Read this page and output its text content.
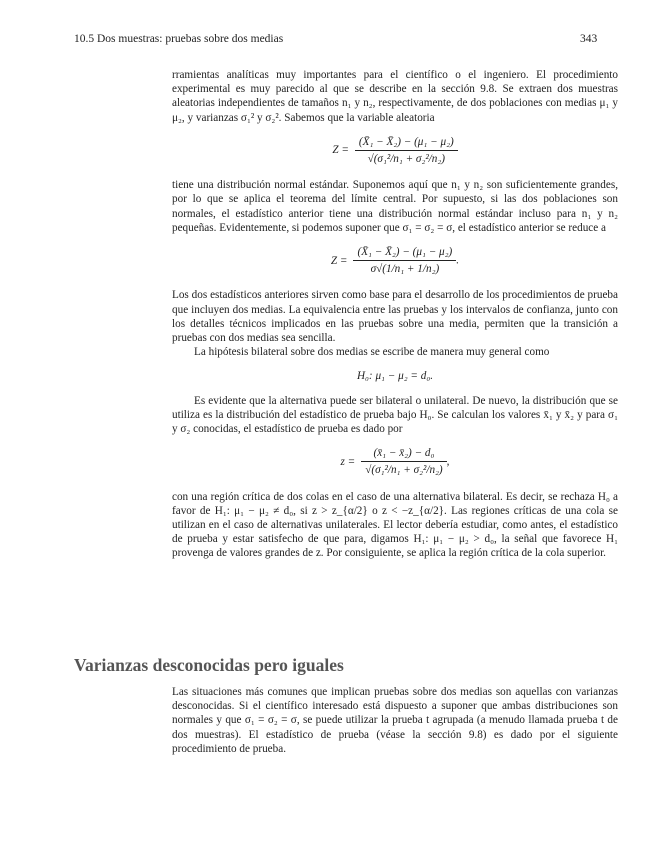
10.5 Dos muestras: pruebas sobre dos medias	343

rramientas analíticas muy importantes para el científico o el ingeniero. El procedimiento experimental es muy parecido al que se describe en la sección 9.8. Se extraen dos muestras aleatorias independientes de tamaños n₁ y n₂, respectivamente, de dos poblaciones con medias μ₁ y μ₂, y varianzas σ₁² y σ₂². Sabemos que la variable aleatoria

$Z = \frac{\text{(X̄₁ − X̄₂) − (μ₁ − μ₂)}}{\text{√(σ₁²/n₁ + σ₂²/n₂)}}$

tiene una distribución normal estándar. Suponemos aquí que n₁ y n₂ son suficientemente grandes, por lo que se aplica el teorema del límite central. Por supuesto, si las dos poblaciones son normales, el estadístico anterior tiene una distribución normal estándar incluso para n₁ y n₂ pequeñas. Evidentemente, si podemos suponer que σ₁ = σ₂ = σ, el estadístico anterior se reduce a

$Z = \frac{\text{(X̄₁ − X̄₂) − (μ₁ − μ₂)}}{\text{σ√(1/n₁ + 1/n₂)}}$ .

Los dos estadísticos anteriores sirven como base para el desarrollo de los procedimientos de prueba que incluyen dos medias. La equivalencia entre las pruebas y los intervalos de confianza, junto con los detalles técnicos implicados en las pruebas sobre una media, permiten que la transición a pruebas con dos medias sea sencilla.

La hipótesis bilateral sobre dos medias se escribe de manera muy general como

H₀: μ₁ − μ₂ = d₀.

Es evidente que la alternativa puede ser bilateral o unilateral. De nuevo, la distribución que se utiliza es la distribución del estadístico de prueba bajo H₀. Se calculan los valores x̄₁ y x̄₂ y para σ₁ y σ₂ conocidas, el estadístico de prueba es dado por

$z = \frac{\text{(x̄₁ − x̄₂) − d₀}}{\text{√(σ₁²/n₁ + σ₂²/n₂)}}$ ,

con una región crítica de dos colas en el caso de una alternativa bilateral. Es decir, se rechaza H₀ a favor de H₁: μ₁ − μ₂ ≠ d₀, si z > z_{α/2} o z < −z_{α/2}. Las regiones críticas de una cola se utilizan en el caso de alternativas unilaterales. El lector debería estudiar, como antes, el estadístico de prueba y estar satisfecho de que para, digamos H₁: μ₁ − μ₂ > d₀, la señal que favorece H₁ provenga de valores grandes de z. Por consiguiente, se aplica la región crítica de la cola superior.

Varianzas desconocidas pero iguales

Las situaciones más comunes que implican pruebas sobre dos medias son aquellas con varianzas desconocidas. Si el científico interesado está dispuesto a suponer que ambas distribuciones son normales y que σ₁ = σ₂ = σ, se puede utilizar la prueba t agrupada (a menudo llamada prueba t de dos muestras). El estadístico de prueba (véase la sección 9.8) es dado por el siguiente procedimiento de prueba.
